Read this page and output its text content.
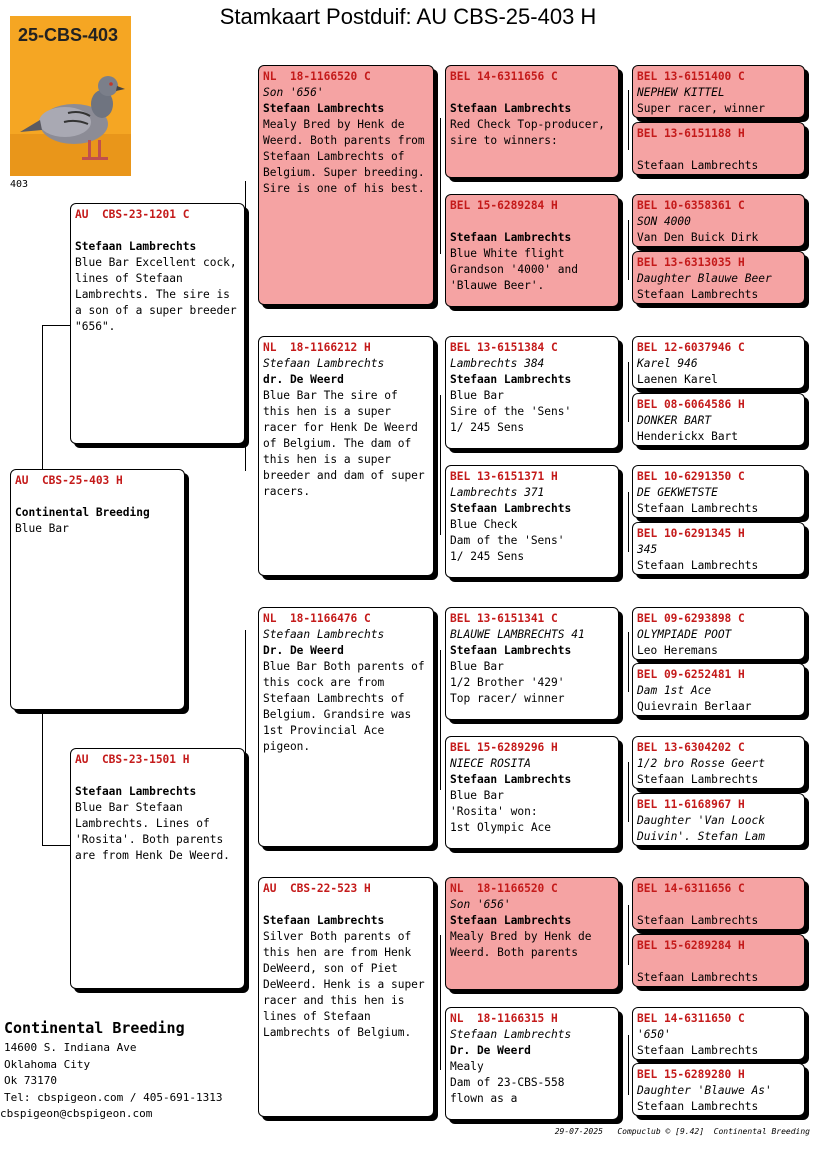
Stamkaart Postduif: AU CBS-25-403 H
25-CBS-403
403
AU  CBS-25-403 H
Continental Breeding
Blue Bar
AU  CBS-23-1201 C
Stefaan Lambrechts
Blue Bar Excellent cock, lines of Stefaan Lambrechts. The sire is a son of a super breeder "656".
AU  CBS-23-1501 H
Stefaan Lambrechts
Blue Bar Stefaan Lambrechts. Lines of 'Rosita'. Both parents are from Henk De Weerd.
NL  18-1166520 C
Son '656'
Stefaan Lambrechts
Mealy Bred by Henk de Weerd. Both parents from Stefaan Lambrechts of Belgium. Super breeding. Sire is one of his best.
NL  18-1166212 H
Stefaan Lambrechts
dr. De Weerd
Blue Bar The sire of this hen is a super racer for Henk De Weerd of Belgium. The dam of this hen is a super breeder and dam of super racers.
NL  18-1166476 C
Stefaan Lambrechts
Dr. De Weerd
Blue Bar Both parents of this cock are from Stefaan Lambrechts of Belgium. Grandsire was 1st Provincial Ace pigeon.
AU  CBS-22-523 H
Stefaan Lambrechts
Silver Both parents of this hen are from Henk DeWeerd, son of Piet DeWeerd. Henk is a super racer and this hen is lines of Stefaan Lambrechts of Belgium.
BEL 14-6311656 C
Stefaan Lambrechts
Red Check Top-producer, sire to winners:
BEL 15-6289284 H
Stefaan Lambrechts
Blue White flight Grandson '4000' and 'Blauwe Beer'.
BEL 13-6151384 C
Lambrechts 384
Stefaan Lambrechts
Blue Bar
Sire of the 'Sens'
1/ 245 Sens
BEL 13-6151371 H
Lambrechts 371
Stefaan Lambrechts
Blue Check
Dam of the 'Sens'
1/ 245 Sens
BEL 13-6151341 C
BLAUWE LAMBRECHTS 41
Stefaan Lambrechts
Blue Bar
1/2 Brother '429'
Top racer/ winner
BEL 15-6289296 H
NIECE ROSITA
Stefaan Lambrechts
Blue Bar
'Rosita' won:
1st Olympic Ace
NL  18-1166520 C
Son '656'
Stefaan Lambrechts
Mealy Bred by Henk de Weerd. Both parents
NL  18-1166315 H
Stefaan Lambrechts
Dr. De Weerd
Mealy
Dam of 23-CBS-558
flown as a
BEL 13-6151400 C
NEPHEW KITTEL
Super racer, winner
BEL 13-6151188 H
Stefaan Lambrechts
BEL 10-6358361 C
SON 4000
Van Den Buick Dirk
BEL 13-6313035 H
Daughter Blauwe Beer
Stefaan Lambrechts
BEL 12-6037946 C
Karel 946
Laenen Karel
BEL 08-6064586 H
DONKER BART
Henderickx Bart
BEL 10-6291350 C
DE GEKWETSTE
Stefaan Lambrechts
BEL 10-6291345 H
345
Stefaan Lambrechts
BEL 09-6293898 C
OLYMPIADE POOT
Leo Heremans
BEL 09-6252481 H
Dam 1st Ace
Quievrain Berlaar
BEL 13-6304202 C
1/2 bro Rosse Geert
Stefaan Lambrechts
BEL 11-6168967 H
Daughter 'Van Loock Duivin'. Stefan Lam
BEL 14-6311656 C
Stefaan Lambrechts
BEL 15-6289284 H
Stefaan Lambrechts
BEL 14-6311650 C
'650'
Stefaan Lambrechts
BEL 15-6289280 H
Daughter 'Blauwe As'
Stefaan Lambrechts
Continental Breeding
14600 S. Indiana Ave
Oklahoma City
Ok 73170
Tel: cbspigeon.com / 405-691-1313
cbspigeon@cbspigeon.com
29-07-2025   Compuclub © [9.42]  Continental Breeding
